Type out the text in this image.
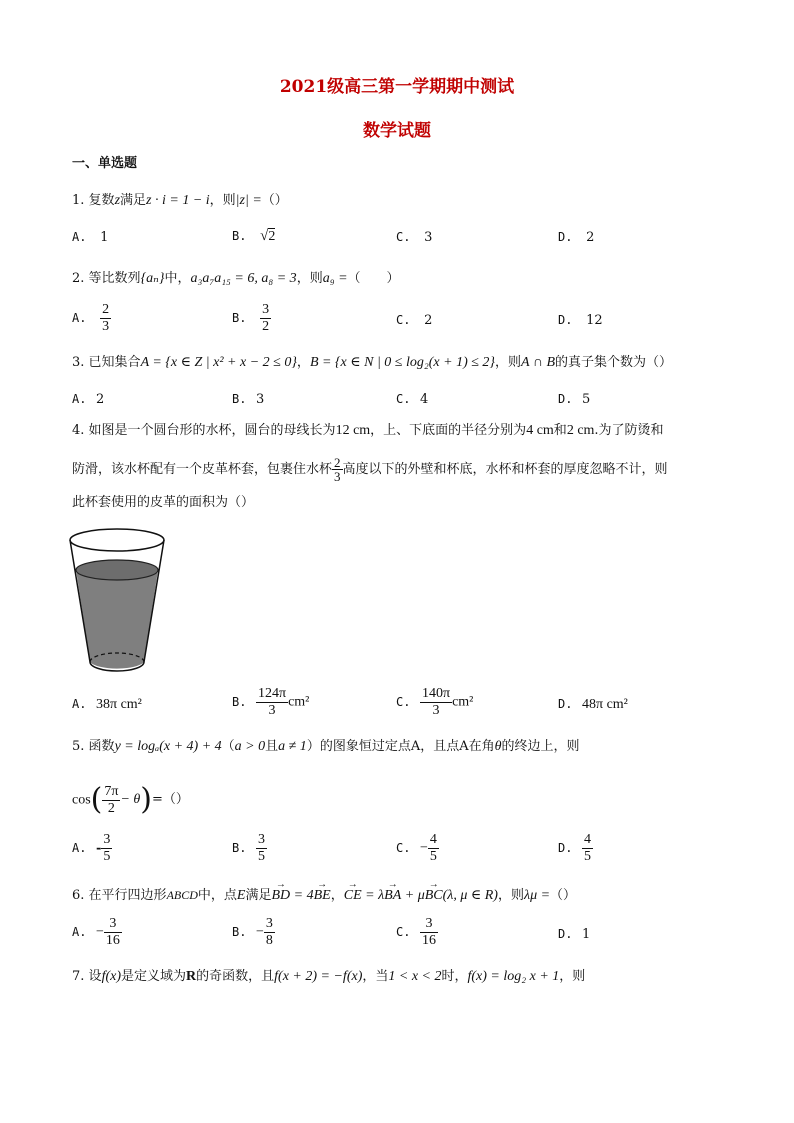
2021级高三第一学期期中测试
数学试题
一、单选题
1. 复数z满足z · i = 1 − i，则|z| =（）
A. 1	B. √2	C. 3	D. 2
2. 等比数列{aₙ}中，a₃a₇a₁₅ = 6, a₈ = 3，则a₉ =（　　）
A. $\frac{2}{3}$	B. $\frac{3}{2}$	C. 2	D. 12
3. 已知集合A = {x ∈ Z | x² + x − 2 ≤ 0}，B = {x ∈ N | 0 ≤ log₂(x + 1) ≤ 2}，则A ∩ B的真子集个数为（）
A. 2	B. 3	C. 4	D. 5
4. 如图是一个圆台形的水杯，圆台的母线长为12 cm，上、下底面的半径分别为4 cm和2 cm.为了防烫和
防滑，该水杯配有一个皮革杯套，包裹住水杯 $\frac{2}{3}$ 高度以下的外壁和杯底，水杯和杯套的厚度忽略不计，则
此杯套使用的皮革的面积为（）
A. 38π cm²	B. $\frac{124\pi}{3} cm^2$	C. $\frac{140\pi}{3} cm^2$	D. 48π cm²
5. 函数y = logₐ(x + 4) + 4（a > 0且a ≠ 1）的图象恒过定点A，且点A在角θ的终边上，则
$\cos( \frac{7\pi}{2} - \theta)=()$
A. - $\frac{3}{5}$	B. $\frac{3}{5}$	C. − $\frac{4}{5}$	D. $\frac{4}{5}$
6. 在平行四边形ABCD中，点E满足→ BD = 4→ BE，→ CE = λ→ BA + μ→ BC(λ, μ ∈ R)，则λμ =（）
A. − $\frac{3}{16}$	B. − $\frac{3}{8}$	C. $\frac{3}{16}$	D. 1
7. 设f(x)是定义域为R的奇函数，且f(x + 2) = −f(x)，当1 < x < 2时，f(x) = log₂ x + 1，则
